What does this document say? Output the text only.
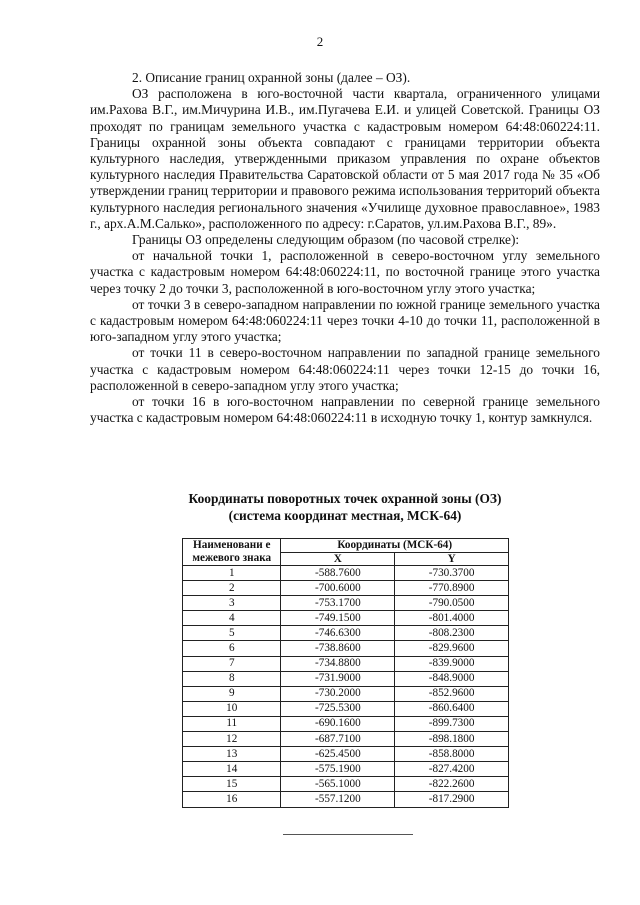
2

2. Описание границ охранной зоны (далее – ОЗ).

ОЗ расположена в юго-восточной части квартала, ограниченного улицами им.Рахова В.Г., им.Мичурина И.В., им.Пугачева Е.И. и улицей Советской. Границы ОЗ проходят по границам земельного участка с кадастровым номером 64:48:060224:11. Границы охранной зоны объекта совпадают с границами территории объекта культурного наследия, утвержденными приказом управления по охране объектов культурного наследия Правительства Саратовской области от 5 мая 2017 года № 35 «Об утверждении границ территории и правового режима использования территорий объекта культурного наследия регионального значения «Училище духовное православное», 1983 г., арх.А.М.Салько», расположенного по адресу: г.Саратов, ул.им.Рахова В.Г., 89».

Границы ОЗ определены следующим образом (по часовой стрелке):

от начальной точки 1, расположенной в северо-восточном углу земельного участка с кадастровым номером 64:48:060224:11, по восточной границе этого участка через точку 2 до точки 3, расположенной в юго-восточном углу этого участка;

от точки 3 в северо-западном направлении по южной границе земельного участка с кадастровым номером 64:48:060224:11 через точки 4-10 до точки 11, расположенной в юго-западном углу этого участка;

от точки 11 в северо-восточном направлении по западной границе земельного участка с кадастровым номером 64:48:060224:11 через точки 12-15 до точки 16, расположенной в северо-западном углу этого участка;

от точки 16 в юго-восточном направлении по северной границе земельного участка с кадастровым номером 64:48:060224:11 в исходную точку 1, контур замкнулся.

Координаты поворотных точек охранной зоны (ОЗ)
(система координат местная, МСК-64)
Наименовани е межевого знака	Координаты (МСК-64)	
	X	Y
1	-588.7600	-730.3700
2	-700.6000	-770.8900
3	-753.1700	-790.0500
4	-749.1500	-801.4000
5	-746.6300	-808.2300
6	-738.8600	-829.9600
7	-734.8800	-839.9000
8	-731.9000	-848.9000
9	-730.2000	-852.9600
10	-725.5300	-860.6400
11	-690.1600	-899.7300
12	-687.7100	-898.1800
13	-625.4500	-858.8000
14	-575.1900	-827.4200
15	-565.1000	-822.2600
16	-557.1200	-817.2900
